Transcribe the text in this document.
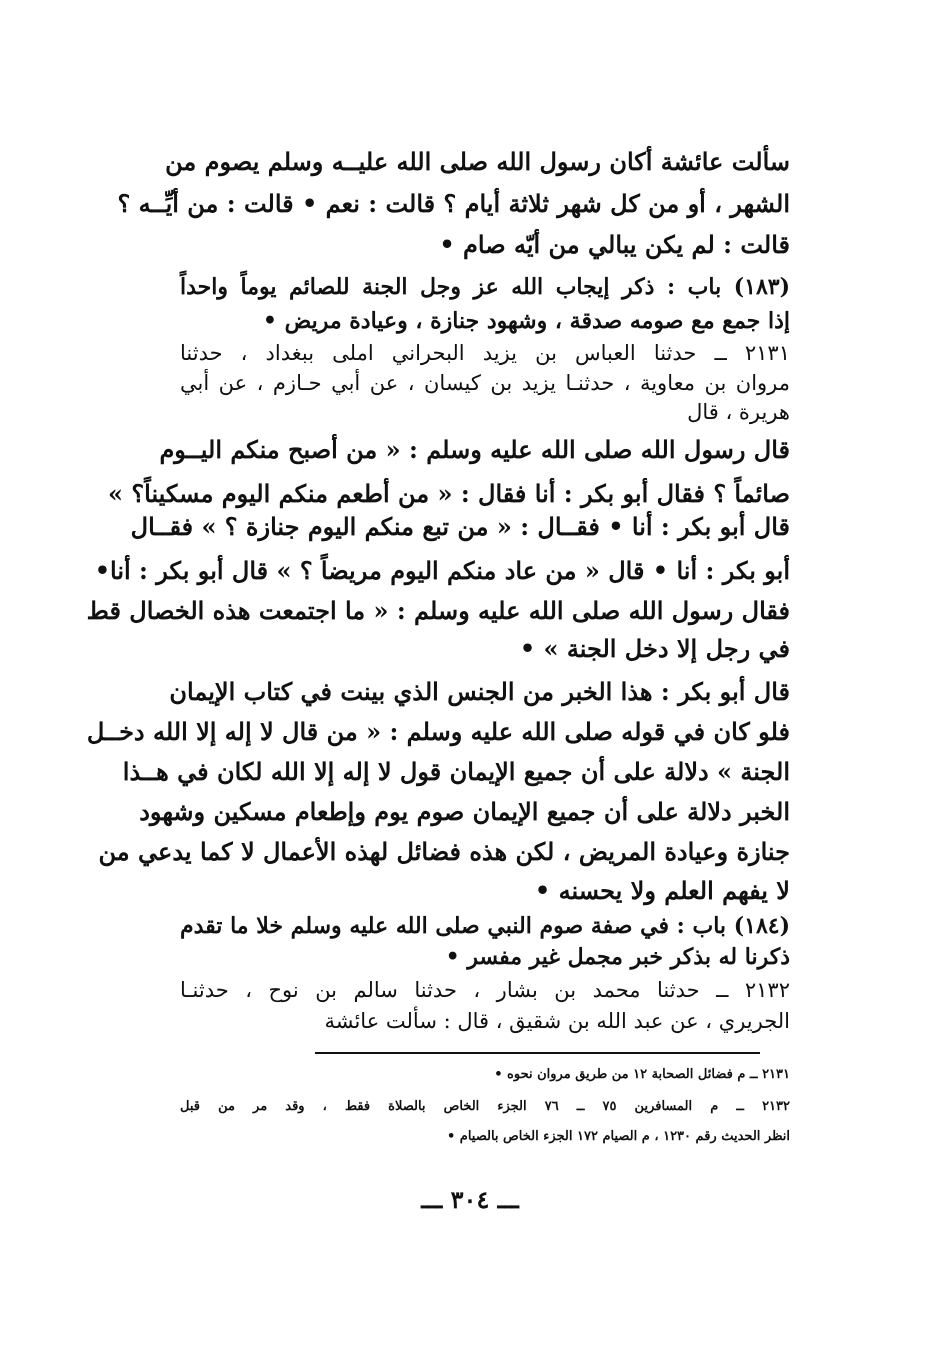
سألت عائشة أكان رسول الله صلى الله عليــه وسلم يصوم من
الشهر ، أو من كل شهر ثلاثة أيام ؟ قالت : نعم • قالت : من أيِّــه ؟
قالت : لم يكن يبالي من أيّه صام •
(١٨٣) باب : ذكر إيجاب الله عز وجل الجنة للصائم يوماً واحداً
إذا جمع مع صومه صدقة ، وشهود جنازة ، وعيادة مريض •
٢١٣١ ــ حدثنا العباس بن يزيد البحراني املى ببغداد ، حدثنا
مروان بن معاوية ، حدثنـا يزيد بن كيسان ، عن أبي حـازم ، عن أبي
هريرة ، قال
قال رسول الله صلى الله عليه وسلم : « من أصبح منكم اليــوم
صائماً ؟ فقال أبو بكر : أنا فقال : « من أطعم منكم اليوم مسكيناً؟ »
قال أبو بكر : أنا • فقــال : « من تبع منكم اليوم جنازة ؟ » فقــال
أبو بكر : أنا • قال « من عاد منكم اليوم مريضاً ؟ » قال أبو بكر : أنا•
فقال رسول الله صلى الله عليه وسلم : « ما اجتمعت هذه الخصال قط
في رجل إلا دخل الجنة » •
قال أبو بكر : هذا الخبر من الجنس الذي بينت في كتاب الإيمان
فلو كان في قوله صلى الله عليه وسلم : « من قال لا إله إلا الله دخــل
الجنة » دلالة على أن جميع الإيمان قول لا إله إلا الله لكان في هــذا
الخبر دلالة على أن جميع الإيمان صوم يوم وإطعام مسكين وشهود
جنازة وعيادة المريض ، لكن هذه فضائل لهذه الأعمال لا كما يدعي من
لا يفهم العلم ولا يحسنه •
(١٨٤) باب : في صفة صوم النبي صلى الله عليه وسلم خلا ما تقدم
ذكرنا له بذكر خبر مجمل غير مفسر •
٢١٣٢ ــ حدثنا محمد بن بشار ، حدثنا سالم بن نوح ، حدثنـا
الجريري ، عن عبد الله بن شقيق ، قال : سألت عائشة
٢١٣١ ــ م فضائل الصحابة ١٢ من طريق مروان نحوه •
٢١٣٢ ــ م المسافرين ٧٥ ــ ٧٦ الجزء الخاص بالصلاة فقط ، وقد مر من قبل
انظر الحديث رقم ١٢٣٠ ، م الصيام ١٧٢ الجزء الخاص بالصيام •
ـــ ٣٠٤ ـــ
